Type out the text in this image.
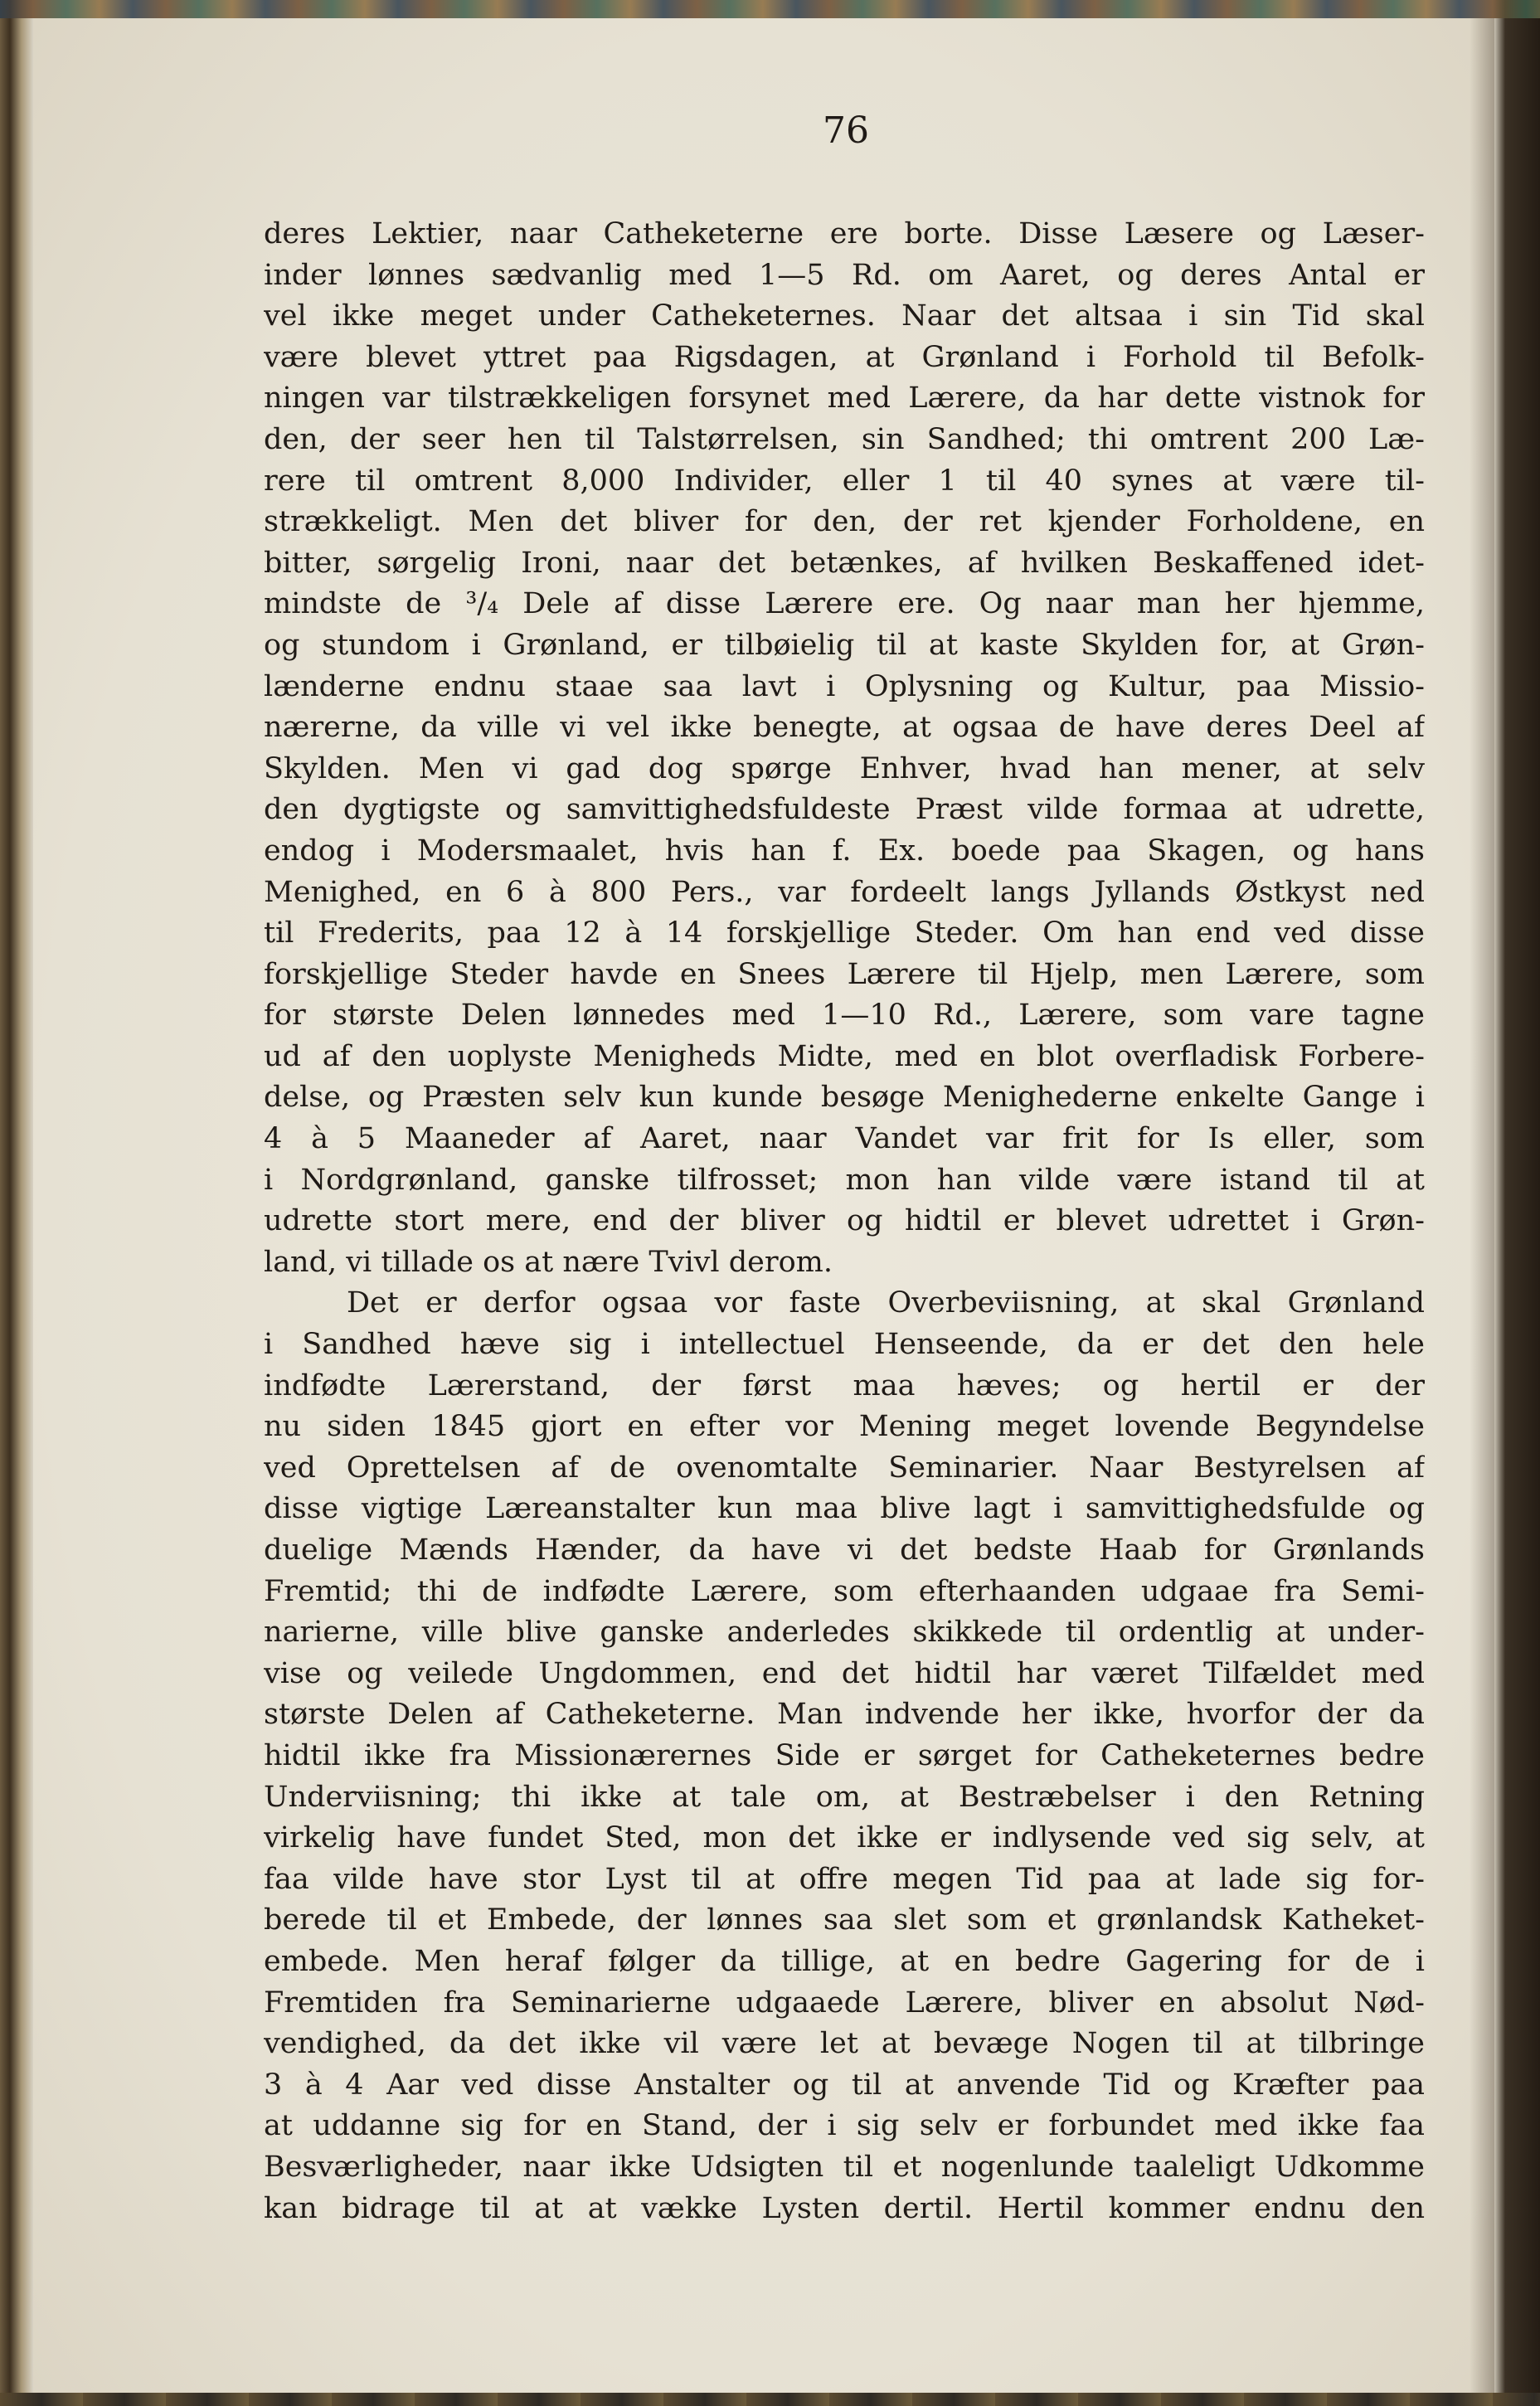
76
deres Lektier, naar Catheketerne ere borte. Disse Læsere og Læser-
inder lønnes sædvanlig med 1—5 Rd. om Aaret, og deres Antal er
vel ikke meget under Catheketernes. Naar det altsaa i sin Tid skal
være blevet yttret paa Rigsdagen, at Grønland i Forhold til Befolk-
ningen var tilstrækkeligen forsynet med Lærere, da har dette vistnok for
den, der seer hen til Talstørrelsen, sin Sandhed; thi omtrent 200 Læ-
rere til omtrent 8,000 Individer, eller 1 til 40 synes at være til-
strækkeligt. Men det bliver for den, der ret kjender Forholdene, en
bitter, sørgelig Ironi, naar det betænkes, af hvilken Beskaffened idet-
mindste de ³/₄ Dele af disse Lærere ere. Og naar man her hjemme,
og stundom i Grønland, er tilbøielig til at kaste Skylden for, at Grøn-
lænderne endnu staae saa lavt i Oplysning og Kultur, paa Missio-
nærerne, da ville vi vel ikke benegte, at ogsaa de have deres Deel af
Skylden. Men vi gad dog spørge Enhver, hvad han mener, at selv
den dygtigste og samvittighedsfuldeste Præst vilde formaa at udrette,
endog i Modersmaalet, hvis han f. Ex. boede paa Skagen, og hans
Menighed, en 6 à 800 Pers., var fordeelt langs Jyllands Østkyst ned
til Frederits, paa 12 à 14 forskjellige Steder. Om han end ved disse
forskjellige Steder havde en Snees Lærere til Hjelp, men Lærere, som
for største Delen lønnedes med 1—10 Rd., Lærere, som vare tagne
ud af den uoplyste Menigheds Midte, med en blot overfladisk Forbere-
delse, og Præsten selv kun kunde besøge Menighederne enkelte Gange i
4 à 5 Maaneder af Aaret, naar Vandet var frit for Is eller, som
i Nordgrønland, ganske tilfrosset; mon han vilde være istand til at
udrette stort mere, end der bliver og hidtil er blevet udrettet i Grøn-
land, vi tillade os at nære Tvivl derom.
Det er derfor ogsaa vor faste Overbeviisning, at skal Grønland
i Sandhed hæve sig i intellectuel Henseende, da er det den hele
indfødte Lærerstand, der først maa hæves; og hertil er der
nu siden 1845 gjort en efter vor Mening meget lovende Begyndelse
ved Oprettelsen af de ovenomtalte Seminarier. Naar Bestyrelsen af
disse vigtige Læreanstalter kun maa blive lagt i samvittighedsfulde og
duelige Mænds Hænder, da have vi det bedste Haab for Grønlands
Fremtid; thi de indfødte Lærere, som efterhaanden udgaae fra Semi-
narierne, ville blive ganske anderledes skikkede til ordentlig at under-
vise og veilede Ungdommen, end det hidtil har været Tilfældet med
største Delen af Catheketerne. Man indvende her ikke, hvorfor der da
hidtil ikke fra Missionærernes Side er sørget for Catheketernes bedre
Underviisning; thi ikke at tale om, at Bestræbelser i den Retning
virkelig have fundet Sted, mon det ikke er indlysende ved sig selv, at
faa vilde have stor Lyst til at offre megen Tid paa at lade sig for-
berede til et Embede, der lønnes saa slet som et grønlandsk Katheket-
embede. Men heraf følger da tillige, at en bedre Gagering for de i
Fremtiden fra Seminarierne udgaaede Lærere, bliver en absolut Nød-
vendighed, da det ikke vil være let at bevæge Nogen til at tilbringe
3 à 4 Aar ved disse Anstalter og til at anvende Tid og Kræfter paa
at uddanne sig for en Stand, der i sig selv er forbundet med ikke faa
Besværligheder, naar ikke Udsigten til et nogenlunde taaleligt Udkomme
kan bidrage til at at vække Lysten dertil. Hertil kommer endnu den
